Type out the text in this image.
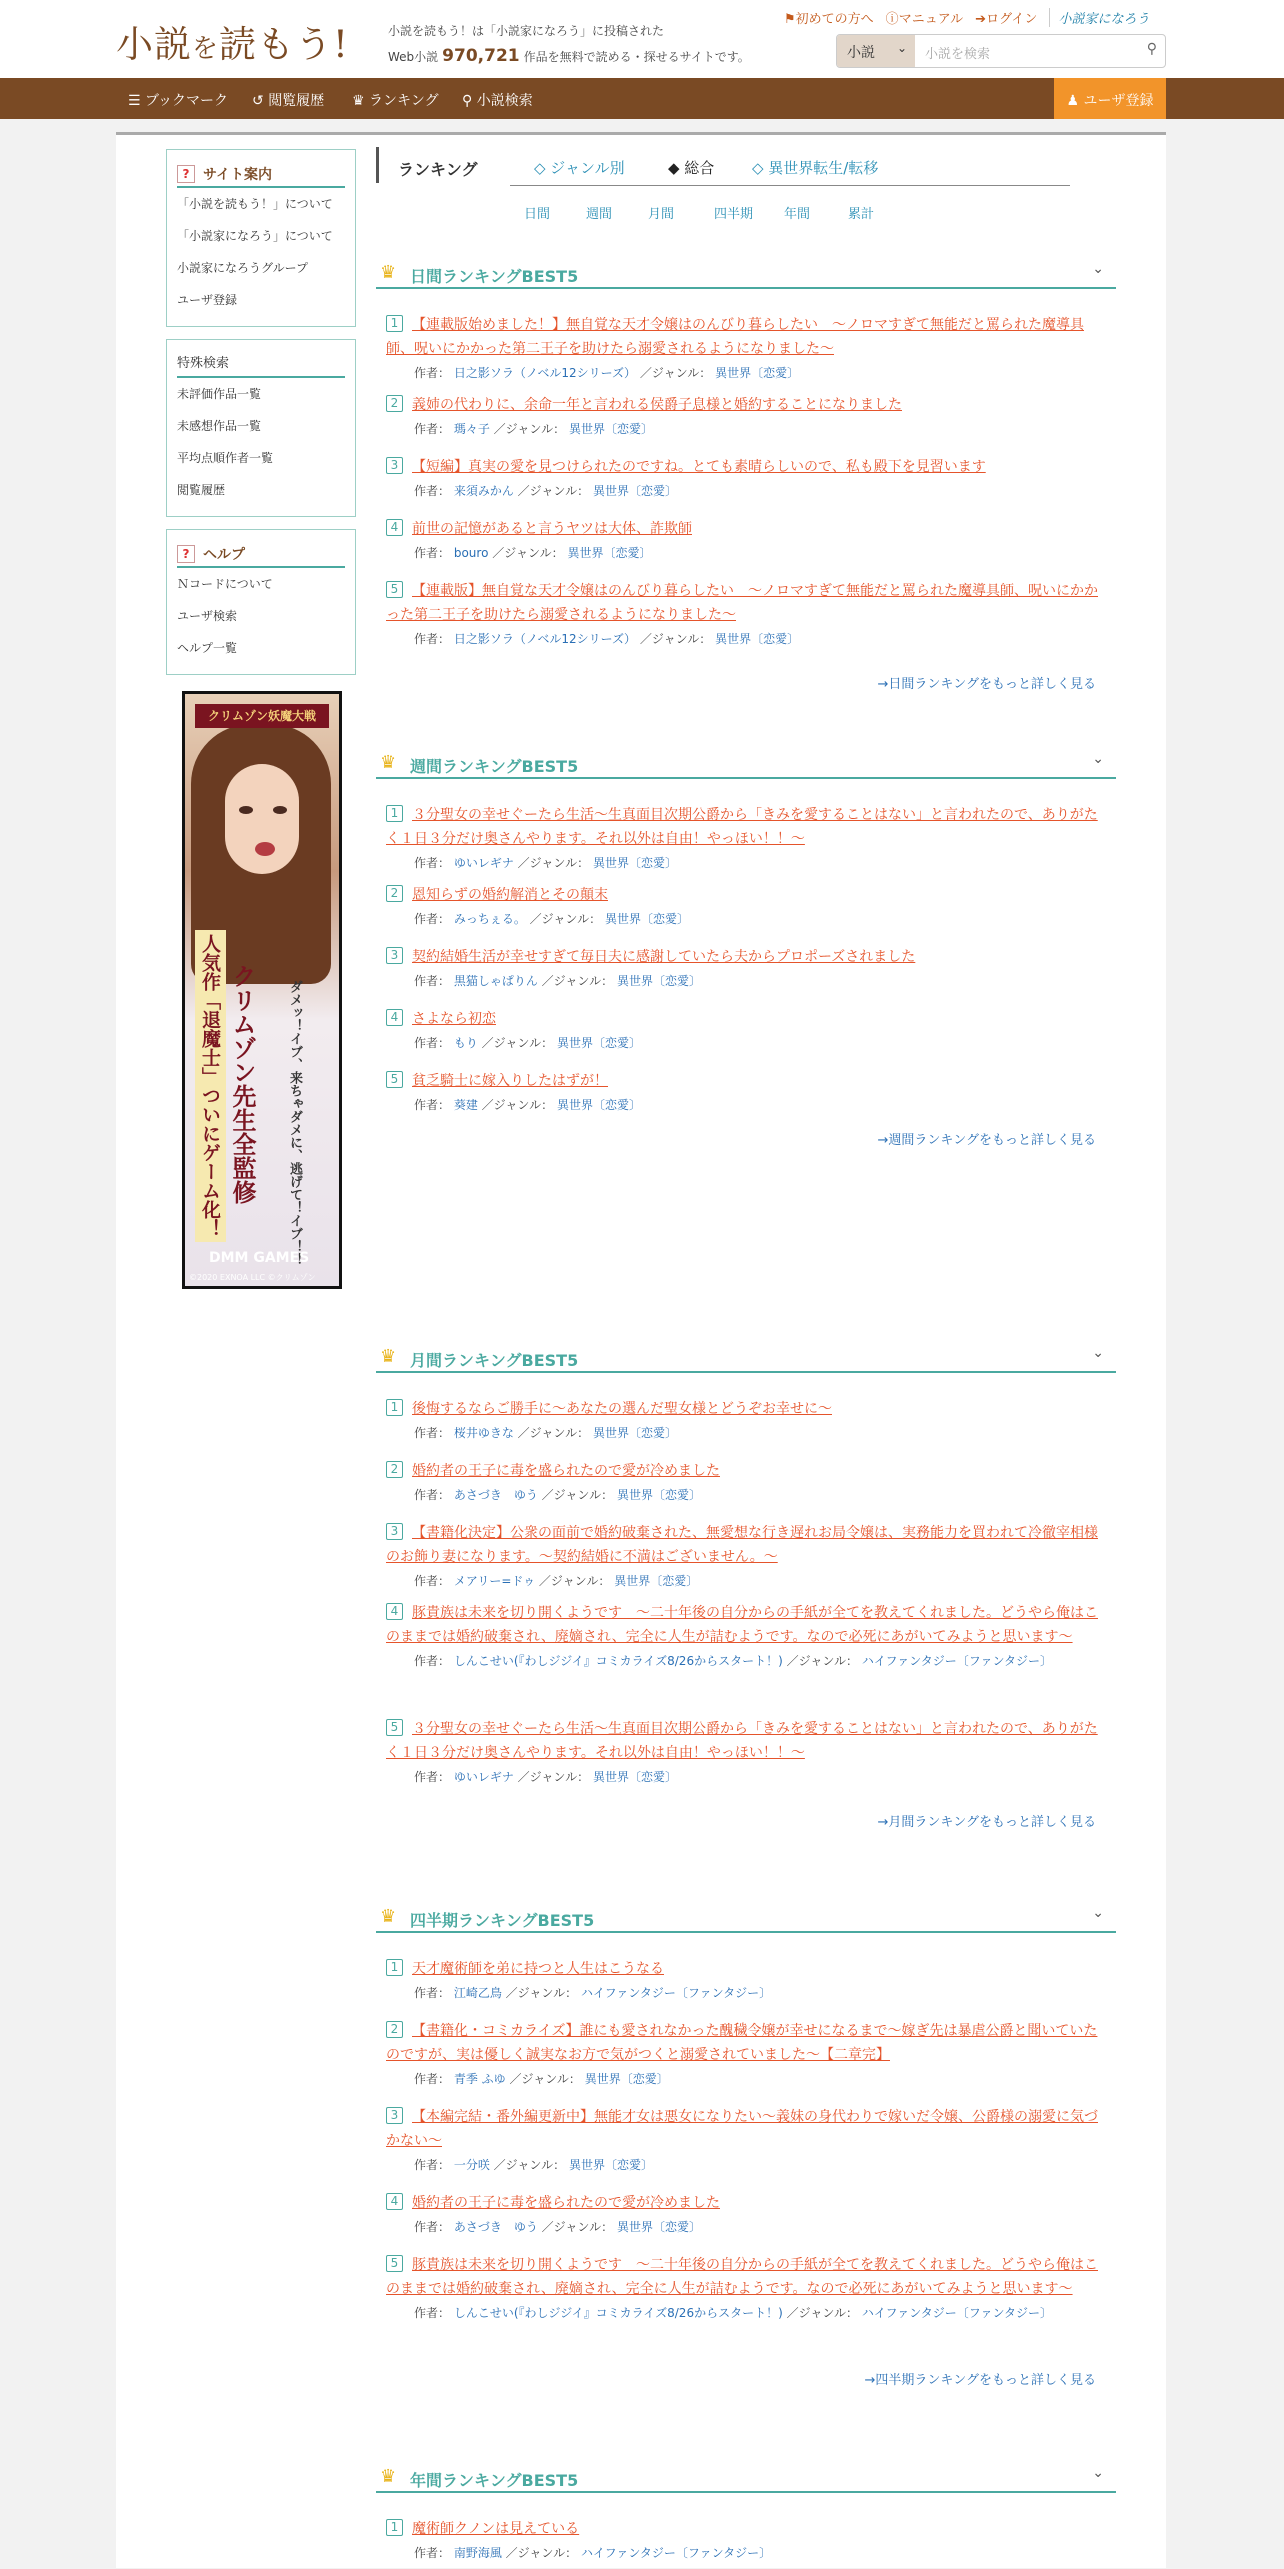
小説を読もう!	小説を読もう！は「小説家になろう」に投稿された
Web小説 970,721 作品を無料で読める・探せるサイトです。
⚑初めての方へ ⓘマニュアル ➔ログイン	小説家になろう
小説 ⌄ 小説を検索	⚲
☰ ブックマーク ↺ 閲覧履歴 ♛ ランキング ⚲ 小説検索	♟ ユーザ登録
? サイト案内
「小説を読もう！」について
「小説家になろう」について
小説家になろうグループ
ユーザ登録
特殊検索
未評価作品一覧
未感想作品一覧
平均点順作者一覧
閲覧履歴
? ヘルプ
Ｎコードについて
ユーザ検索
ヘルプ一覧
クリムゾン妖魔大戦
人気作「退魔士」ついにゲーム化！ クリムゾン先生全監修	ダメッ！イブ、来ちゃダメに、逃げて！イブ！！
DMM GAMES
©2020 EXNOA LLC ©クリムゾン
ランキング	◇ ジャンル別	◆ 総合	◇ 異世界転生/転移
日間	週間	月間	四半期 年間	累計
♛ 日間ランキングBEST5	⌄
1 【連載版始めました！】無自覚な天才令嬢はのんびり暮らしたい　～ノロマすぎて無能だと罵られた魔導具師、呪いにかかった第二王子を助けたら溺愛されるようになりました～
作者： 日之影ソラ（ノベル12シリーズ） ／ジャンル： 異世界〔恋愛〕
2 義姉の代わりに、余命一年と言われる侯爵子息様と婚約することになりました
作者： 瑪々子 ／ジャンル： 異世界〔恋愛〕
3 【短編】真実の愛を見つけられたのですね。とても素晴らしいので、私も殿下を見習います
作者： 来須みかん ／ジャンル： 異世界〔恋愛〕
4 前世の記憶があると言うヤツは大体、詐欺師
作者： bouro ／ジャンル： 異世界〔恋愛〕
5 【連載版】無自覚な天才令嬢はのんびり暮らしたい　～ノロマすぎて無能だと罵られた魔導具師、呪いにかかった第二王子を助けたら溺愛されるようになりました～
作者： 日之影ソラ（ノベル12シリーズ） ／ジャンル： 異世界〔恋愛〕
→日間ランキングをもっと詳しく見る
♛ 週間ランキングBEST5	⌄
1 ３分聖女の幸せぐーたら生活～生真面目次期公爵から「きみを愛することはない」と言われたので、ありがたく１日３分だけ奥さんやります。それ以外は自由！やっほい！！～
作者： ゆいレギナ ／ジャンル： 異世界〔恋愛〕
2 恩知らずの婚約解消とその顛末
作者： みっちぇる。 ／ジャンル： 異世界〔恋愛〕
3 契約結婚生活が幸せすぎて毎日夫に感謝していたら夫からプロポーズされました
作者： 黒猫しゃぱりん ／ジャンル： 異世界〔恋愛〕
4 さよなら初恋
作者： もり ／ジャンル： 異世界〔恋愛〕
5 貧乏騎士に嫁入りしたはずが！
作者： 葵建 ／ジャンル： 異世界〔恋愛〕
→週間ランキングをもっと詳しく見る
♛ 月間ランキングBEST5	⌄
1 後悔するならご勝手に～あなたの選んだ聖女様とどうぞお幸せに～
作者： 桜井ゆきな ／ジャンル： 異世界〔恋愛〕
2 婚約者の王子に毒を盛られたので愛が冷めました
作者： あさづき　ゆう ／ジャンル： 異世界〔恋愛〕
3 【書籍化決定】公衆の面前で婚約破棄された、無愛想な行き遅れお局令嬢は、実務能力を買われて冷徹宰相様のお飾り妻になります。～契約結婚に不満はございません。～
作者： メアリー=ドゥ ／ジャンル： 異世界〔恋愛〕
4 豚貴族は未来を切り開くようです　～二十年後の自分からの手紙が全てを教えてくれました。どうやら俺はこのままでは婚約破棄され、廃嫡され、完全に人生が詰むようです。なので必死にあがいてみようと思います～
作者： しんこせい(『わしジジイ』コミカライズ8/26からスタート！) ／ジャンル： ハイファンタジー〔ファンタジー〕
5 ３分聖女の幸せぐーたら生活～生真面目次期公爵から「きみを愛することはない」と言われたので、ありがたく１日３分だけ奥さんやります。それ以外は自由！やっほい！！～
作者： ゆいレギナ ／ジャンル： 異世界〔恋愛〕
→月間ランキングをもっと詳しく見る
♛ 四半期ランキングBEST5	⌄
1 天才魔術師を弟に持つと人生はこうなる
作者： 江崎乙鳥 ／ジャンル： ハイファンタジー〔ファンタジー〕
2 【書籍化・コミカライズ】誰にも愛されなかった醜穢令嬢が幸せになるまで～嫁ぎ先は暴虐公爵と聞いていたのですが、実は優しく誠実なお方で気がつくと溺愛されていました～【二章完】
作者： 青季 ふゆ ／ジャンル： 異世界〔恋愛〕
3 【本編完結・番外編更新中】無能才女は悪女になりたい～義妹の身代わりで嫁いだ令嬢、公爵様の溺愛に気づかない～
作者： 一分咲 ／ジャンル： 異世界〔恋愛〕
4 婚約者の王子に毒を盛られたので愛が冷めました
作者： あさづき　ゆう ／ジャンル： 異世界〔恋愛〕
5 豚貴族は未来を切り開くようです　～二十年後の自分からの手紙が全てを教えてくれました。どうやら俺はこのままでは婚約破棄され、廃嫡され、完全に人生が詰むようです。なので必死にあがいてみようと思います～
作者： しんこせい(『わしジジイ』コミカライズ8/26からスタート！) ／ジャンル： ハイファンタジー〔ファンタジー〕
→四半期ランキングをもっと詳しく見る
♛ 年間ランキングBEST5	⌄
1 魔術師クノンは見えている
作者： 南野海風 ／ジャンル： ハイファンタジー〔ファンタジー〕
